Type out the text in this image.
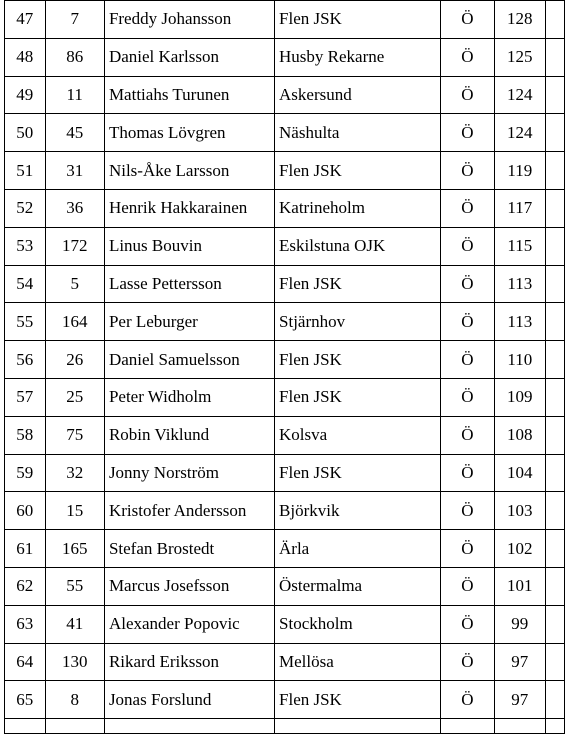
47	7	Freddy Johansson	Flen JSK	Ö	128	
48	86	Daniel Karlsson	Husby Rekarne	Ö	125	
49	11	Mattiahs Turunen	Askersund	Ö	124	
50	45	Thomas Lövgren	Näshulta	Ö	124	
51	31	Nils-Åke Larsson	Flen JSK	Ö	119	
52	36	Henrik Hakkarainen	Katrineholm	Ö	117	
53	172	Linus Bouvin	Eskilstuna OJK	Ö	115	
54	5	Lasse Pettersson	Flen JSK	Ö	113	
55	164	Per Leburger	Stjärnhov	Ö	113	
56	26	Daniel Samuelsson	Flen JSK	Ö	110	
57	25	Peter Widholm	Flen JSK	Ö	109	
58	75	Robin Viklund	Kolsva	Ö	108	
59	32	Jonny Norström	Flen JSK	Ö	104	
60	15	Kristofer Andersson	Björkvik	Ö	103	
61	165	Stefan Brostedt	Ärla	Ö	102	
62	55	Marcus Josefsson	Östermalma	Ö	101	
63	41	Alexander Popovic	Stockholm	Ö	99	
64	130	Rikard Eriksson	Mellösa	Ö	97	
65	8	Jonas Forslund	Flen JSK	Ö	97	
